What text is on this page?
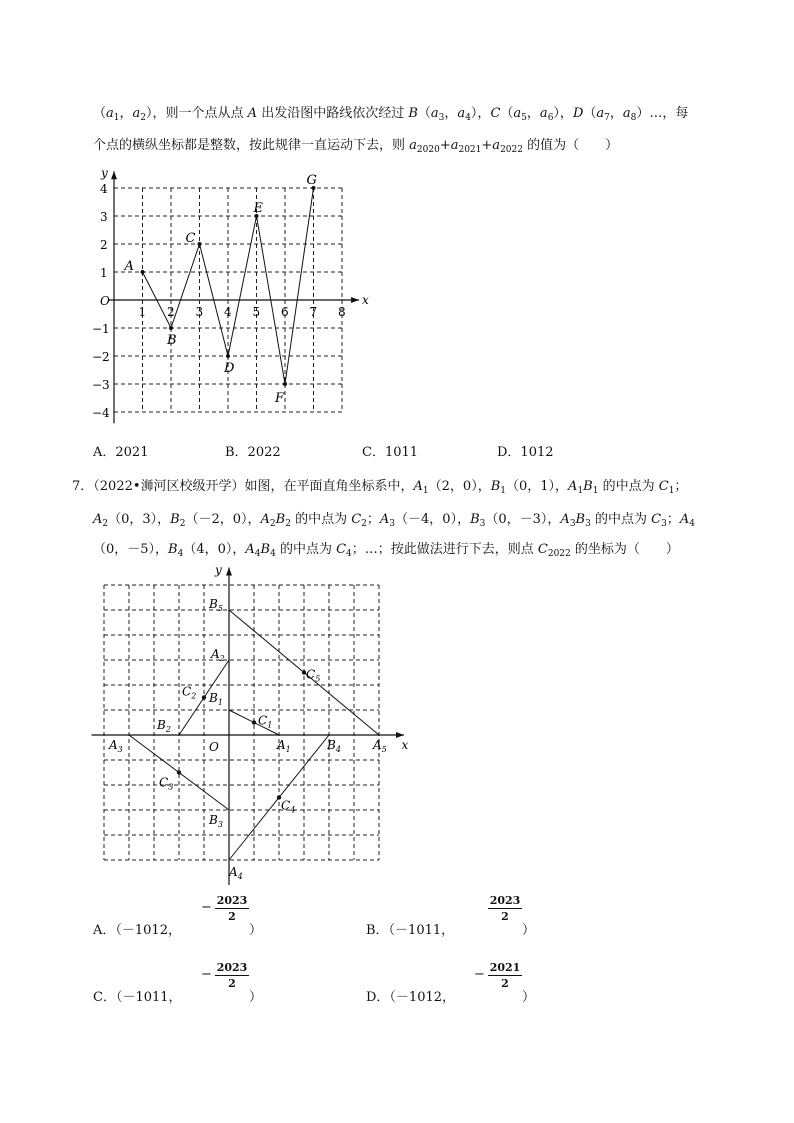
（$a_1$，$a_2$），则一个点从点 A 出发沿图中路线依次经过 $B(a_3$，$a_4$），$C(a_5$，$a_6$），$D(a_7$，$a_8)\dots$，每
个点的横纵坐标都是整数，按此规律一直运动下去，则 $a_{2020}+a_{2021}+a_{2022}$ 的值为（　　）
x
y
O
1 2 3 4 5 6 7 8
4
3
2
1
−1
−2
−3
−4
A
B
C
D
E
F
G
A．2021	B．2022	C．1011	D．1012
7．（2022•浉河区校级开学）如图，在平面直角坐标系中，$A_1(2$，0），$B_1(0$，1），$A_1B_1$ 的中点为 $C_1$；
$A_2(0$，3），$B_2(-2$，0），$A_2B_2$ 的中点为 $C_2$；$A_3(-4$，0），$B_3(0$，－3），$A_3B_3$ 的中点为 $C_3$；$A_4$
（0，－5），$B_4(4$，0），$A_4B_4$ 的中点为 $C_4$；…；按此做法进行下去，则点 $C_{2022}$ 的坐标为（　　）
x
y
O	$A_1$
$B_1$
$C_1$
$A_2$
$B_2$
$C_2$
$A_3$
$B_3$
$C_3$
$A_4$
$B_4$
$C_4$
$A_5$
$B_5$
$C_5$
A．（－1012，
− $\frac{2023}{2}$
）	B．（－1011，
$\frac{2023}{2}$
）
C．（－1011，
− $\frac{2023}{2}$
）	D．（－1012，
− $\frac{2021}{2}$
）
